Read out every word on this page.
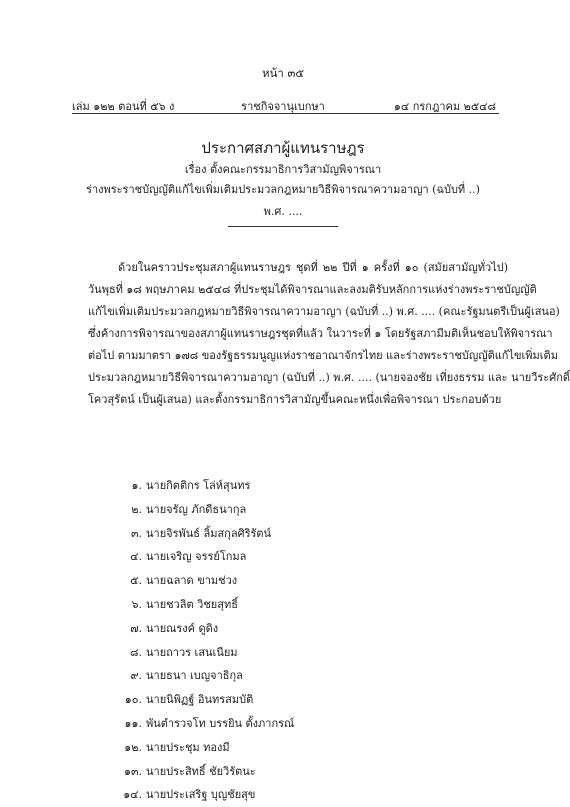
หน้า ๓๕
เล่ม ๑๒๒ ตอนที่ ๕๖ ง	ราชกิจจานุเบกษา	๑๔ กรกฎาคม ๒๕๔๘
ประกาศสภาผู้แทนราษฎร
เรื่อง ตั้งคณะกรรมาธิการวิสามัญพิจารณา
ร่างพระราชบัญญัติแก้ไขเพิ่มเติมประมวลกฎหมายวิธีพิจารณาความอาญา (ฉบับที่ ..)
พ.ศ. ....
ด้วยในคราวประชุมสภาผู้แทนราษฎร ชุดที่ ๒๒ ปีที่ ๑ ครั้งที่ ๑๐ (สมัยสามัญทั่วไป)
วันพุธที่ ๑๘ พฤษภาคม ๒๕๔๘ ที่ประชุมได้พิจารณาและลงมติรับหลักการแห่งร่างพระราชบัญญัติ
แก้ไขเพิ่มเติมประมวลกฎหมายวิธีพิจารณาความอาญา (ฉบับที่ ..) พ.ศ. .... (คณะรัฐมนตรีเป็นผู้เสนอ)
ซึ่งค้างการพิจารณาของสภาผู้แทนราษฎรชุดที่แล้ว ในวาระที่ ๑ โดยรัฐสภามีมติเห็นชอบให้พิจารณา
ต่อไป ตามมาตรา ๑๗๘ ของรัฐธรรมนูญแห่งราชอาณาจักรไทย และร่างพระราชบัญญัติแก้ไขเพิ่มเติม
ประมวลกฎหมายวิธีพิจารณาความอาญา (ฉบับที่ ..) พ.ศ. .... (นายจองชัย เที่ยงธรรม และ นายวีระศักดิ์
โควสุรัตน์ เป็นผู้เสนอ) และตั้งกรรมาธิการวิสามัญขึ้นคณะหนึ่งเพื่อพิจารณา ประกอบด้วย
๑. นายกิตติกร โล่ห์สุนทร
๒. นายจรัญ ภักดีธนากุล
๓. นายจิรพันธ์ ลิ้มสกุลศิริรัตน์
๔. นายเจริญ จรรย์โกมล
๕. นายฉลาด ขามช่วง
๖. นายชวลิต วิชยสุทธิ์
๗. นายณรงค์ ดูดิง
๘. นายถาวร เสนเนียม
๙. นายธนา เบญจาธิกุล
๑๐. นายนิพิฏฐ์ อินทรสมบัติ
๑๑. พันตำรวจโท บรรยิน ตั้งภากรณ์
๑๒. นายประชุม ทองมี
๑๓. นายประสิทธิ์ ชัยวิรัตนะ
๑๔. นายประเสริฐ บุญชัยสุข
